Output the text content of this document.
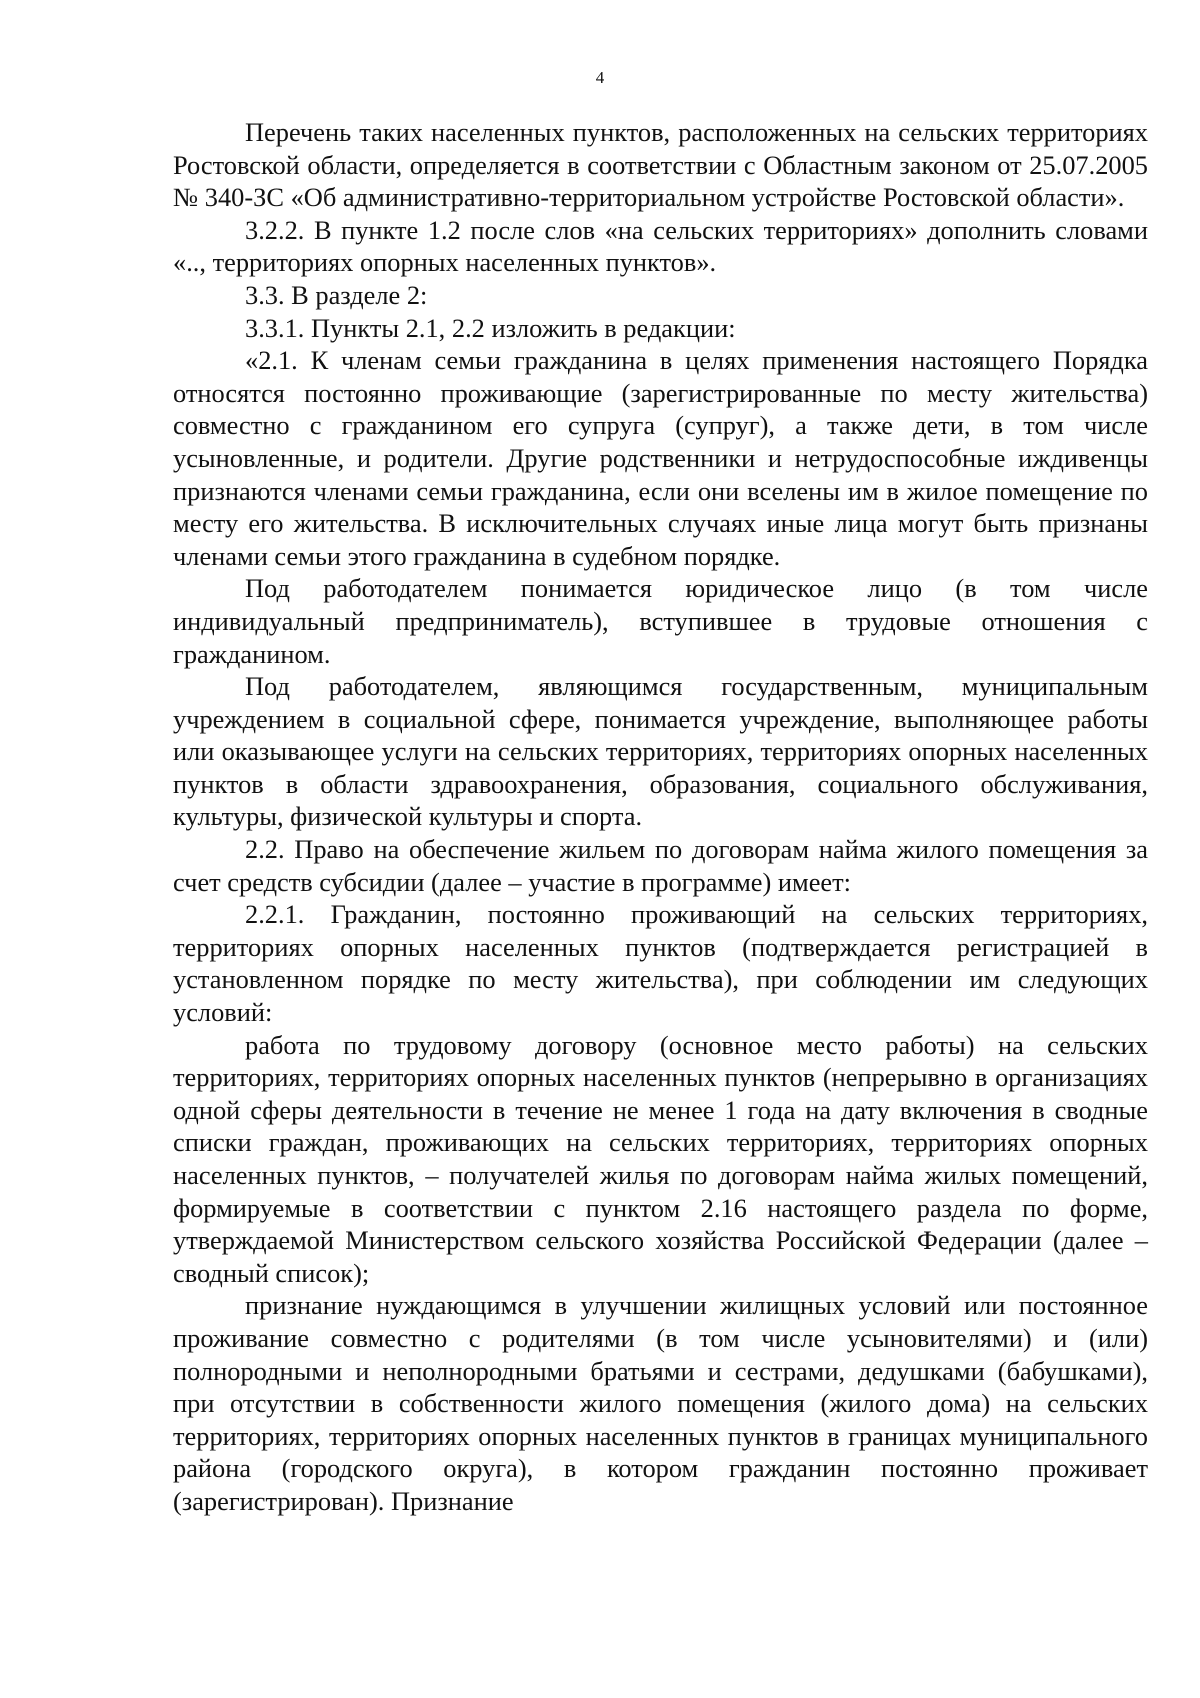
4

Перечень таких населенных пунктов, расположенных на сельских территориях Ростовской области, определяется в соответствии с Областным законом от 25.07.2005 № 340-ЗС «Об административно-территориальном устройстве Ростовской области».

3.2.2. В пункте 1.2 после слов «на сельских территориях» дополнить словами «.., территориях опорных населенных пунктов».

3.3. В разделе 2:

3.3.1. Пункты 2.1, 2.2 изложить в редакции:

«2.1. К членам семьи гражданина в целях применения настоящего Порядка относятся постоянно проживающие (зарегистрированные по месту жительства) совместно с гражданином его супруга (супруг), а также дети, в том числе усыновленные, и родители. Другие родственники и нетрудоспособные иждивенцы признаются членами семьи гражданина, если они вселены им в жилое помещение по месту его жительства. В исключительных случаях иные лица могут быть признаны членами семьи этого гражданина в судебном порядке.

Под работодателем понимается юридическое лицо (в том числе индивидуальный предприниматель), вступившее в трудовые отношения с гражданином.

Под работодателем, являющимся государственным, муниципальным учреждением в социальной сфере, понимается учреждение, выполняющее работы или оказывающее услуги на сельских территориях, территориях опорных населенных пунктов в области здравоохранения, образования, социального обслуживания, культуры, физической культуры и спорта.

2.2. Право на обеспечение жильем по договорам найма жилого помещения за счет средств субсидии (далее – участие в программе) имеет:

2.2.1. Гражданин, постоянно проживающий на сельских территориях, территориях опорных населенных пунктов (подтверждается регистрацией в установленном порядке по месту жительства), при соблюдении им следующих условий:

работа по трудовому договору (основное место работы) на сельских территориях, территориях опорных населенных пунктов (непрерывно в организациях одной сферы деятельности в течение не менее 1 года на дату включения в сводные списки граждан, проживающих на сельских территориях, территориях опорных населенных пунктов, – получателей жилья по договорам найма жилых помещений, формируемые в соответствии с пунктом 2.16 настоящего раздела по форме, утверждаемой Министерством сельского хозяйства Российской Федерации (далее – сводный список);

признание нуждающимся в улучшении жилищных условий или постоянное проживание совместно с родителями (в том числе усыновителями) и (или) полнородными и неполнородными братьями и сестрами, дедушками (бабушками), при отсутствии в собственности жилого помещения (жилого дома) на сельских территориях, территориях опорных населенных пунктов в границах муниципального района (городского округа), в котором гражданин постоянно проживает (зарегистрирован). Признание
